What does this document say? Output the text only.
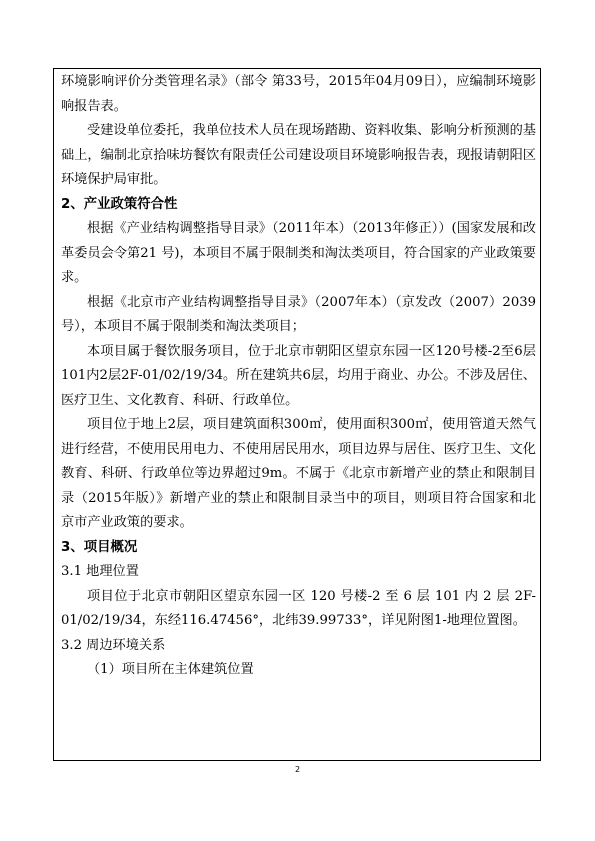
环境影响评价分类管理名录》（部令 第33号，2015年04月09日），应编制环境影响报告表。

受建设单位委托，我单位技术人员在现场踏勘、资料收集、影响分析预测的基础上，编制北京拾味坊餐饮有限责任公司建设项目环境影响报告表，现报请朝阳区环境保护局审批。

2、产业政策符合性

根据《产业结构调整指导目录》（2011年本）（2013年修正））(国家发展和改革委员会令第21 号)，本项目不属于限制类和淘汰类项目，符合国家的产业政策要求。

根据《北京市产业结构调整指导目录》（2007年本）（京发改（2007）2039号），本项目不属于限制类和淘汰类项目；

本项目属于餐饮服务项目，位于北京市朝阳区望京东园一区120号楼-2至6层101内2层2F-01/02/19/34。所在建筑共6层，均用于商业、办公。不涉及居住、医疗卫生、文化教育、科研、行政单位。

项目位于地上2层，项目建筑面积300㎡，使用面积300㎡，使用管道天然气进行经营，不使用民用电力、不使用居民用水，项目边界与居住、医疗卫生、文化教育、科研、行政单位等边界超过9m。不属于《北京市新增产业的禁止和限制目录（2015年版）》新增产业的禁止和限制目录当中的项目，则项目符合国家和北京市产业政策的要求。

3、项目概况

3.1 地理位置

项目位于北京市朝阳区望京东园一区 120 号楼-2 至 6 层 101 内 2 层 2F-01/02/19/34，东经116.47456°，北纬39.99733°，详见附图1-地理位置图。

3.2 周边环境关系

（1）项目所在主体建筑位置

2
